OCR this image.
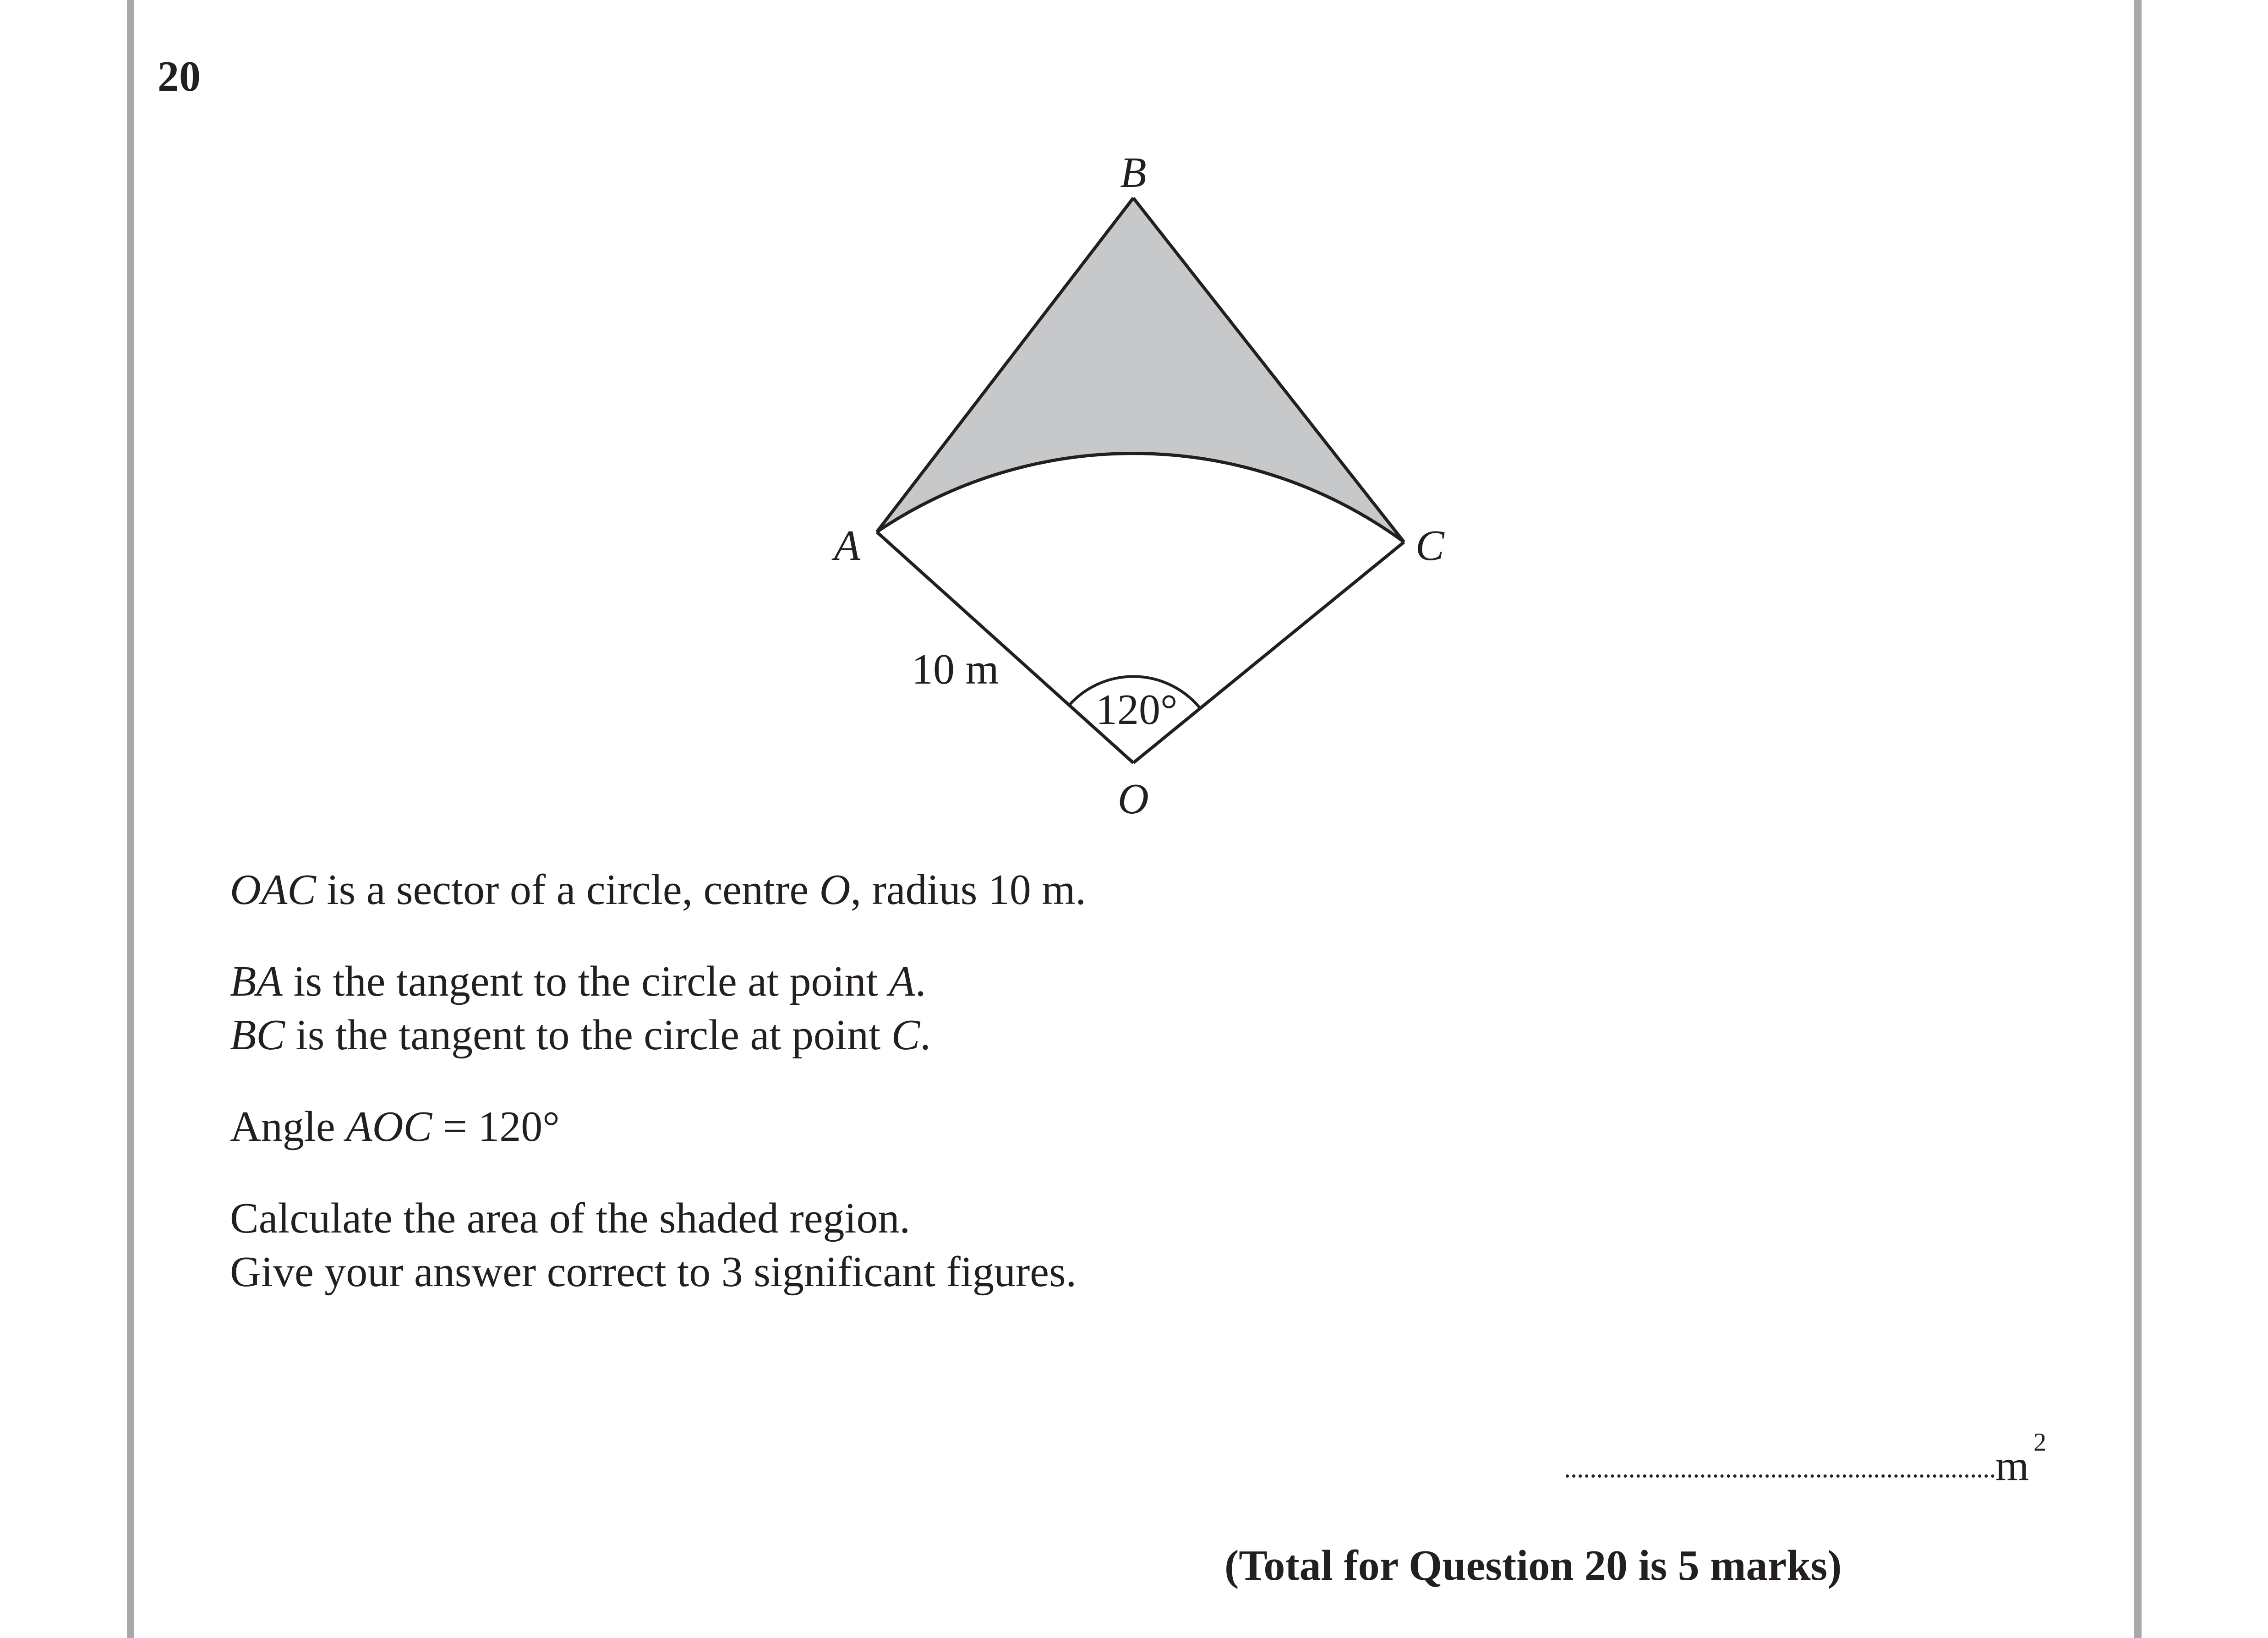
20
B
A	C
O
10 m
120°
OAC is a sector of a circle, centre O, radius 10 m.
BA is the tangent to the circle at point A.
BC is the tangent to the circle at point C.
Angle AOC = 120°
Calculate the area of the shaded region.
Give your answer correct to 3 significant figures.
m $^2$
(Total for Question 20 is 5 marks)
